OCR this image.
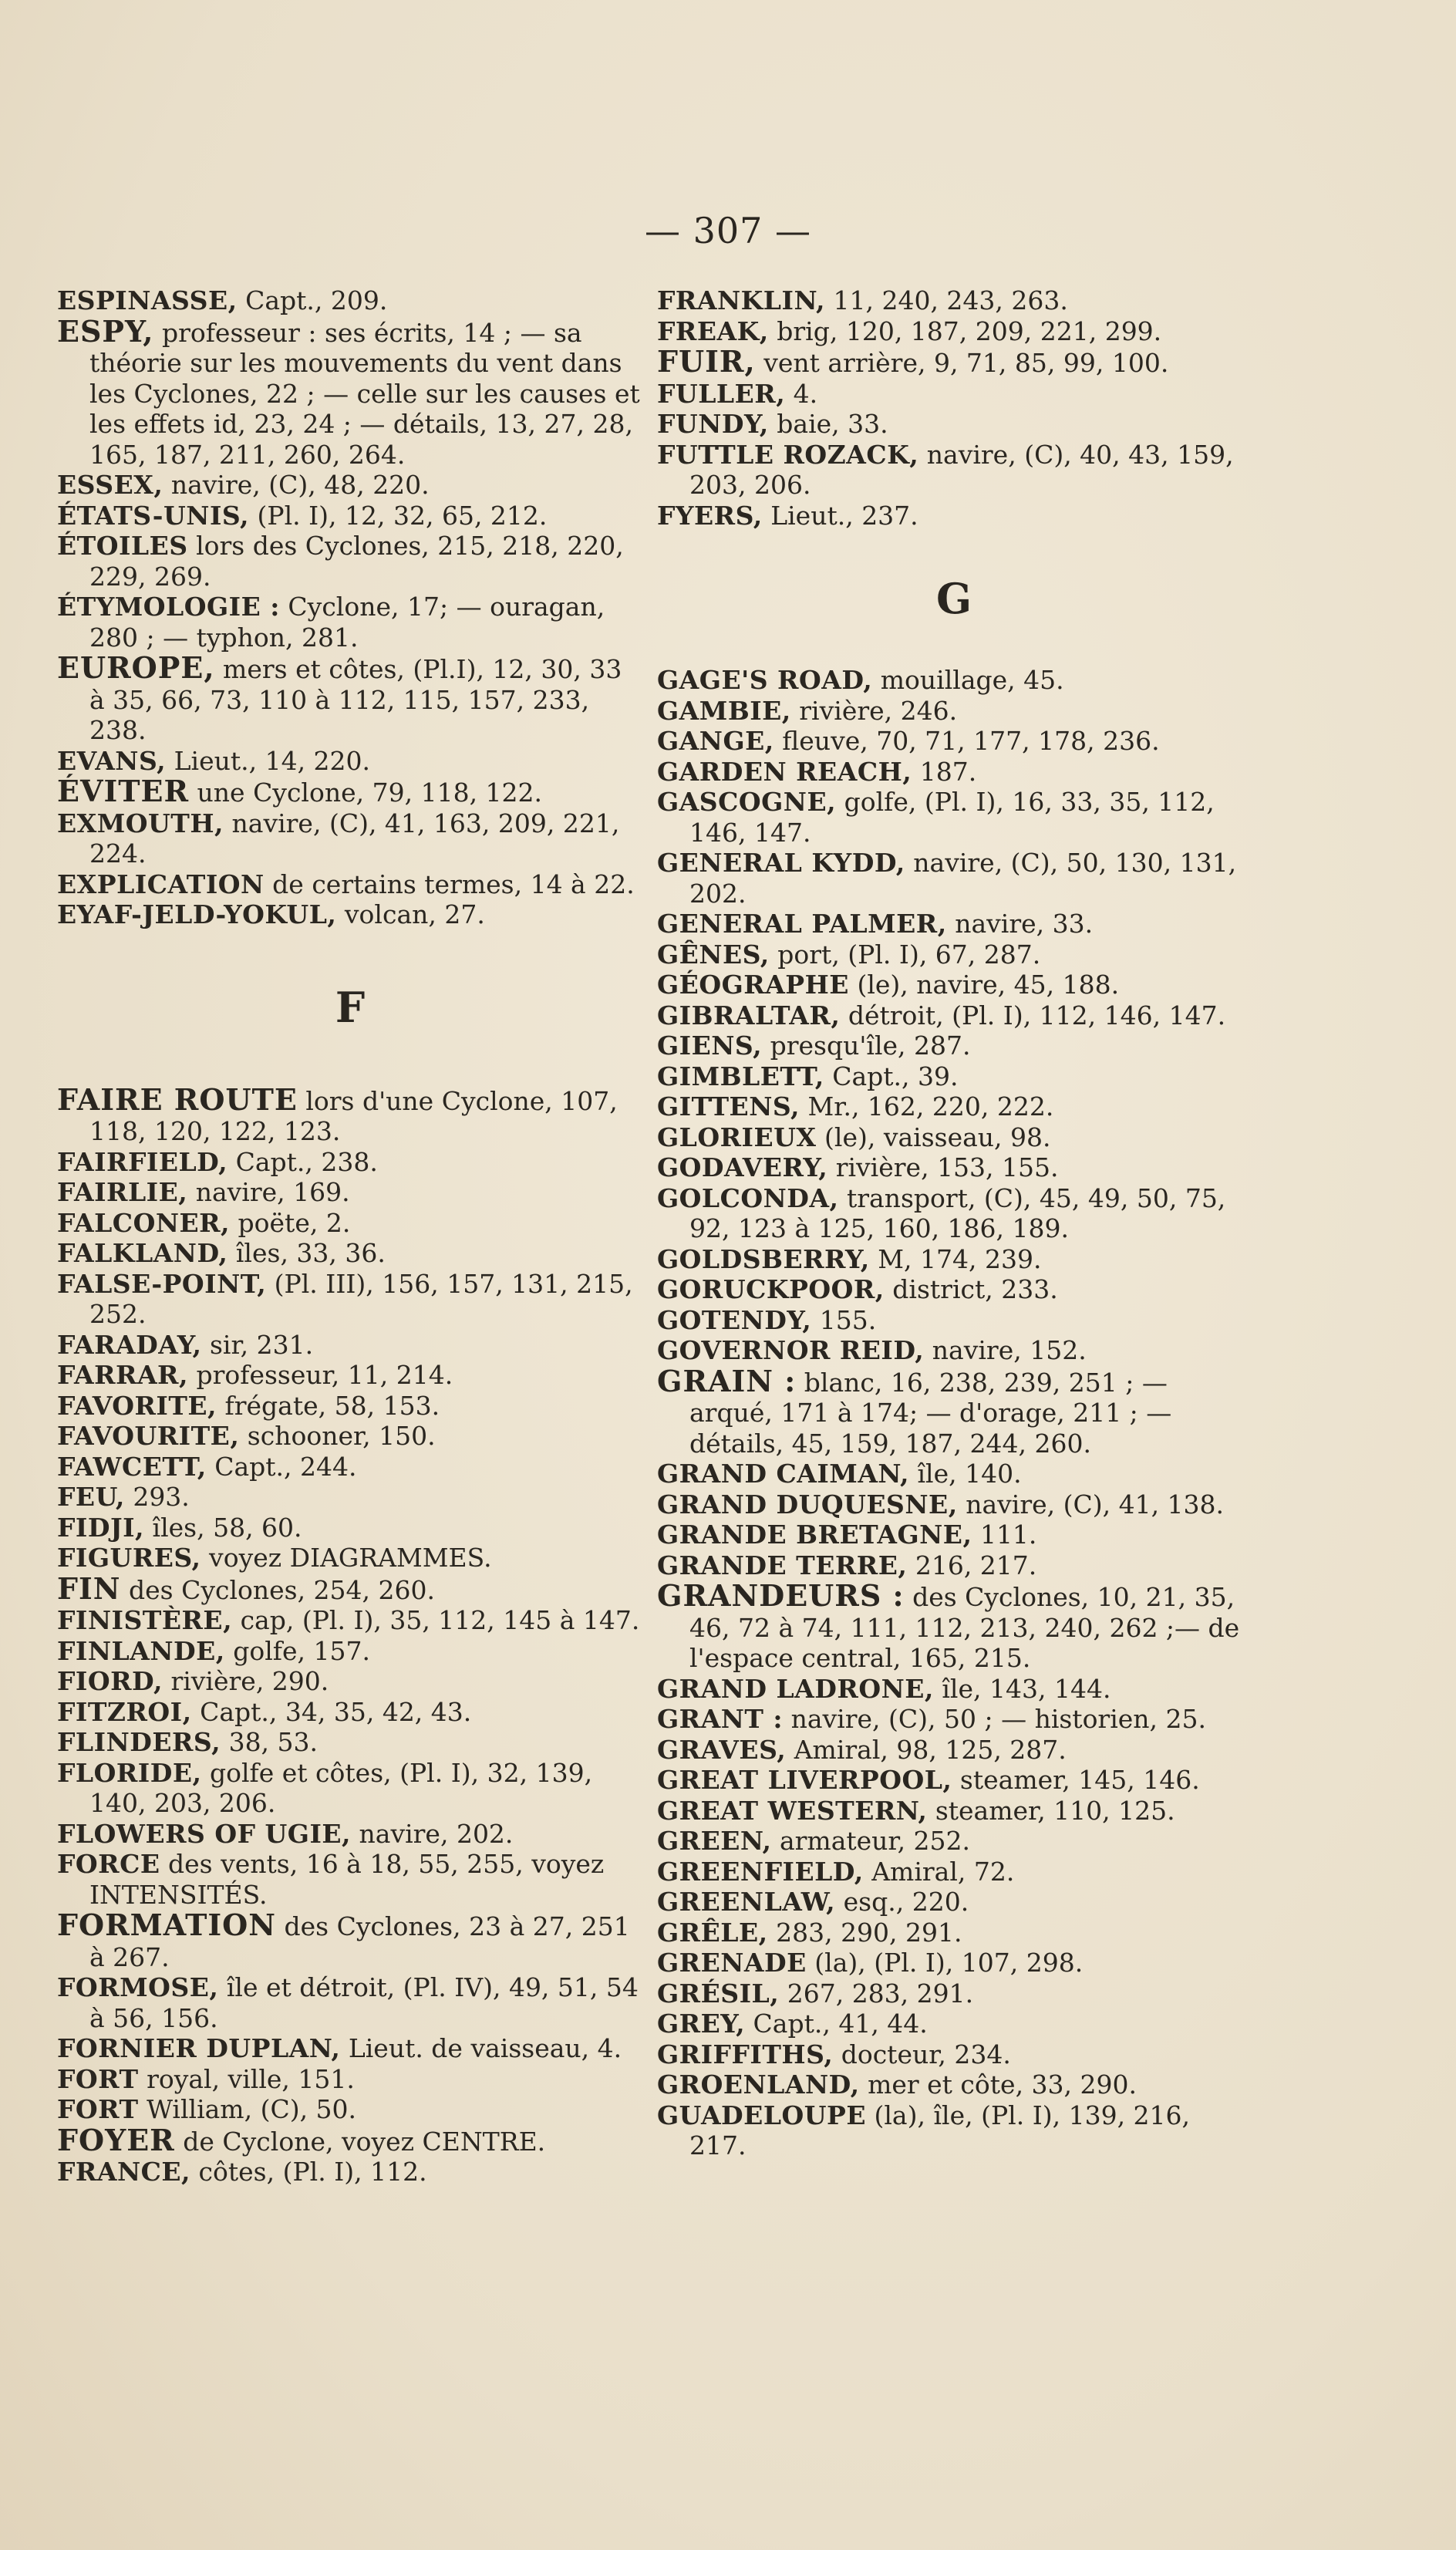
— 307 —

ESPINASSE, Capt., 209.

ESPY, professeur : ses écrits, 14 ; — sa théorie sur les mouvements du vent dans les Cyclones, 22 ; — celle sur les causes et les effets id, 23, 24 ; — détails, 13, 27, 28, 165, 187, 211, 260, 264.

ESSEX, navire, (C), 48, 220.

ÉTATS-UNIS, (Pl. I), 12, 32, 65, 212.

ÉTOILES lors des Cyclones, 215, 218, 220, 229, 269.

ÉTYMOLOGIE : Cyclone, 17; — ouragan, 280 ; — typhon, 281.

EUROPE, mers et côtes, (Pl.I), 12, 30, 33 à 35, 66, 73, 110 à 112, 115, 157, 233, 238.

EVANS, Lieut., 14, 220.

ÉVITER une Cyclone, 79, 118, 122.

EXMOUTH, navire, (C), 41, 163, 209, 221, 224.

EXPLICATION de certains termes, 14 à 22.

EYAF-JELD-YOKUL, volcan, 27.

F

FAIRE ROUTE lors d'une Cyclone, 107, 118, 120, 122, 123.

FAIRFIELD, Capt., 238.

FAIRLIE, navire, 169.

FALCONER, poëte, 2.

FALKLAND, îles, 33, 36.

FALSE-POINT, (Pl. III), 156, 157, 131, 215, 252.

FARADAY, sir, 231.

FARRAR, professeur, 11, 214.

FAVORITE, frégate, 58, 153.

FAVOURITE, schooner, 150.

FAWCETT, Capt., 244.

FEU, 293.

FIDJI, îles, 58, 60.

FIGURES, voyez DIAGRAMMES.

FIN des Cyclones, 254, 260.

FINISTÈRE, cap, (Pl. I), 35, 112, 145 à 147.

FINLANDE, golfe, 157.

FIORD, rivière, 290.

FITZROI, Capt., 34, 35, 42, 43.

FLINDERS, 38, 53.

FLORIDE, golfe et côtes, (Pl. I), 32, 139, 140, 203, 206.

FLOWERS OF UGIE, navire, 202.

FORCE des vents, 16 à 18, 55, 255, voyez INTENSITÉS.

FORMATION des Cyclones, 23 à 27, 251 à 267.

FORMOSE, île et détroit, (Pl. IV), 49, 51, 54 à 56, 156.

FORNIER DUPLAN, Lieut. de vaisseau, 4.

FORT royal, ville, 151.

FORT William, (C), 50.

FOYER de Cyclone, voyez CENTRE.

FRANCE, côtes, (Pl. I), 112.

FRANKLIN, 11, 240, 243, 263.

FREAK, brig, 120, 187, 209, 221, 299.

FUIR, vent arrière, 9, 71, 85, 99, 100.

FULLER, 4.

FUNDY, baie, 33.

FUTTLE ROZACK, navire, (C), 40, 43, 159, 203, 206.

FYERS, Lieut., 237.

G

GAGE'S ROAD, mouillage, 45.

GAMBIE, rivière, 246.

GANGE, fleuve, 70, 71, 177, 178, 236.

GARDEN REACH, 187.

GASCOGNE, golfe, (Pl. I), 16, 33, 35, 112, 146, 147.

GENERAL KYDD, navire, (C), 50, 130, 131, 202.

GENERAL PALMER, navire, 33.

GÊNES, port, (Pl. I), 67, 287.

GÉOGRAPHE (le), navire, 45, 188.

GIBRALTAR, détroit, (Pl. I), 112, 146, 147.

GIENS, presqu'île, 287.

GIMBLETT, Capt., 39.

GITTENS, Mr., 162, 220, 222.

GLORIEUX (le), vaisseau, 98.

GODAVERY, rivière, 153, 155.

GOLCONDA, transport, (C), 45, 49, 50, 75, 92, 123 à 125, 160, 186, 189.

GOLDSBERRY, M, 174, 239.

GORUCKPOOR, district, 233.

GOTENDY, 155.

GOVERNOR REID, navire, 152.

GRAIN : blanc, 16, 238, 239, 251 ; — arqué, 171 à 174; — d'orage, 211 ; — détails, 45, 159, 187, 244, 260.

GRAND CAIMAN, île, 140.

GRAND DUQUESNE, navire, (C), 41, 138.

GRANDE BRETAGNE, 111.

GRANDE TERRE, 216, 217.

GRANDEURS : des Cyclones, 10, 21, 35, 46, 72 à 74, 111, 112, 213, 240, 262 ;— de l'espace central, 165, 215.

GRAND LADRONE, île, 143, 144.

GRANT : navire, (C), 50 ; — historien, 25.

GRAVES, Amiral, 98, 125, 287.

GREAT LIVERPOOL, steamer, 145, 146.

GREAT WESTERN, steamer, 110, 125.

GREEN, armateur, 252.

GREENFIELD, Amiral, 72.

GREENLAW, esq., 220.

GRÊLE, 283, 290, 291.

GRENADE (la), (Pl. I), 107, 298.

GRÉSIL, 267, 283, 291.

GREY, Capt., 41, 44.

GRIFFITHS, docteur, 234.

GROENLAND, mer et côte, 33, 290.

GUADELOUPE (la), île, (Pl. I), 139, 216, 217.
